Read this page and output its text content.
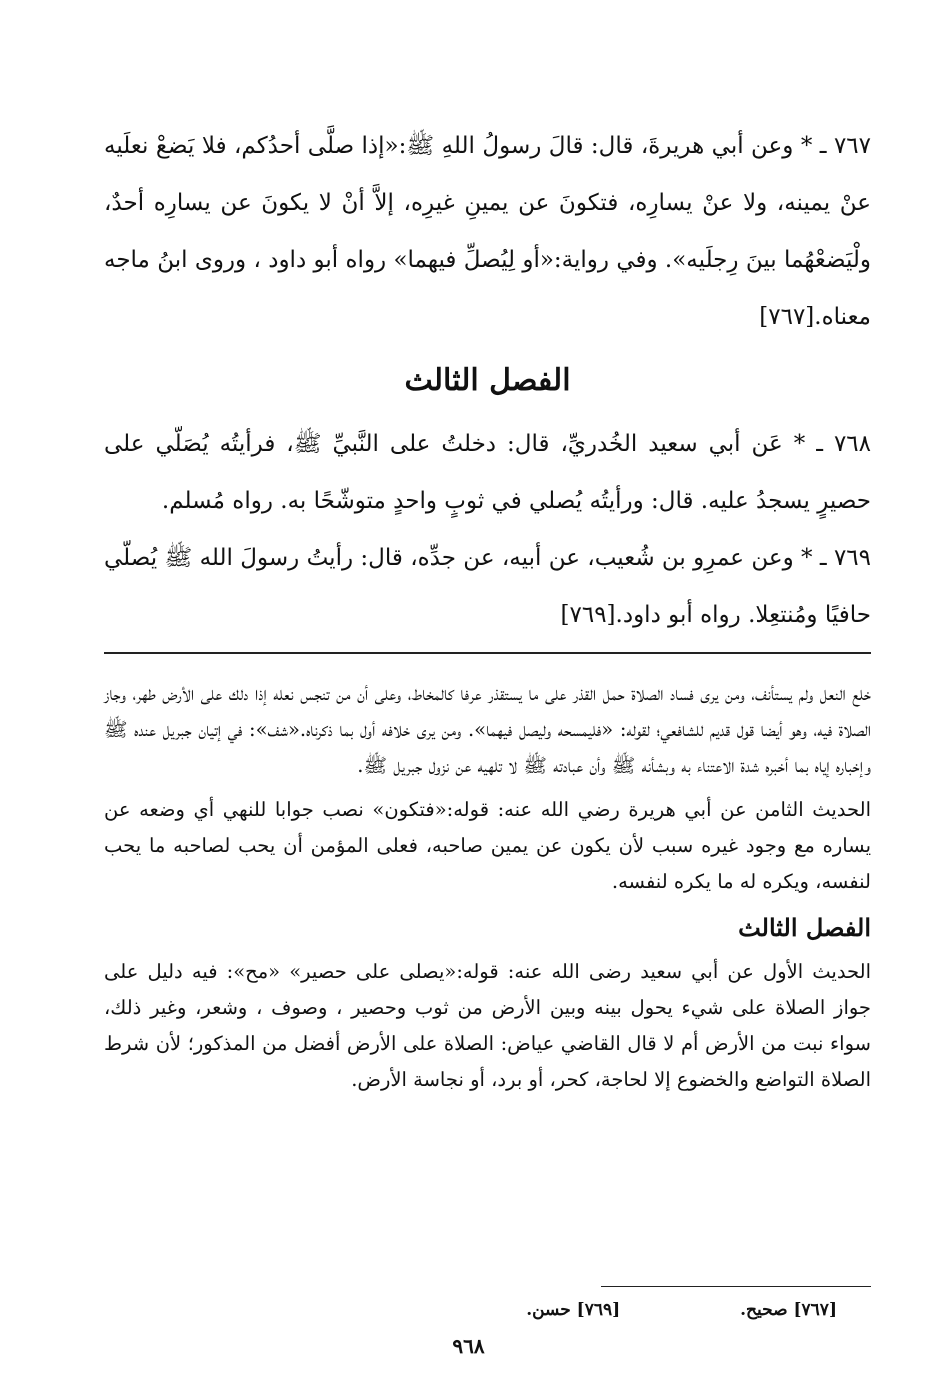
٧٦٧ ـ * وعن أبي هريرةَ، قال: قالَ رسولُ اللهِ ﷺ:«إذا صلَّى أحدُكم، فلا يَضعْ نعلَيه عنْ يمينه، ولا عنْ يسارِه، فتكونَ عن يمينِ غيرِه، إلاَّ أنْ لا يكونَ عن يسارِه أحدٌ، ولْيَضعْهُما بينَ رِجلَيه». وفي رواية:«أو لِيُصلِّ فيهما» رواه أبو داود ، وروى ابنُ ماجه معناه.[٧٦٧]

الفصل الثالث

٧٦٨ ـ * عَن أبي سعيد الخُدريِّ، قال: دخلتُ على النَّبيِّ ﷺ، فرأيتُه يُصَلّي على حصيرٍ يسجدُ عليه. قال: ورأيتُه يُصلي في ثوبٍ واحدٍ متوشّحًا به. رواه مُسلم.

٧٦٩ ـ * وعن عمرِو بن شُعيب، عن أبيه، عن جدِّه، قال: رأيتُ رسولَ الله ﷺ يُصلّي حافيًا ومُنتعِلا. رواه أبو داود.[٧٦٩]

خلع النعل ولم يستأنف، ومن يرى فساد الصلاة حمل القذر على ما يستقذر عرفا كالمخاط، وعلى أن من تنجس نعله إذا دلك على الأرض طهر، وجاز الصلاة فيه، وهو أيضا قول قديم للشافعي؛ لقوله: «فليمسحه وليصل فيهما». ومن يرى خلافه أول بما ذكرناه.«شف»: في إتيان جبريل عنده ﷺ وإخباره إياه بما أخبره شدة الاعتناء به وبشأنه ﷺ وأن عبادته ﷺ لا تلهيه عن نزول جبريل ﷺ.

الحديث الثامن عن أبي هريرة رضي الله عنه: قوله:«فتكون» نصب جوابا للنهي أي وضعه عن يساره مع وجود غيره سبب لأن يكون عن يمين صاحبه، فعلى المؤمن أن يحب لصاحبه ما يحب لنفسه، ويكره له ما يكره لنفسه.

الفصل الثالث

الحديث الأول عن أبي سعيد رضى الله عنه: قوله:«يصلى على حصير» «مح»: فيه دليل على جواز الصلاة على شيء يحول بينه وبين الأرض من ثوب وحصير ، وصوف ، وشعر، وغير ذلك، سواء نبت من الأرض أم لا قال القاضي عياض: الصلاة على الأرض أفضل من المذكور؛ لأن شرط الصلاة التواضع والخضوع إلا لحاجة، كحر، أو برد، أو نجاسة الأرض.

[٧٦٧] صحيح.[٧٦٩] حسن.
٩٦٨
